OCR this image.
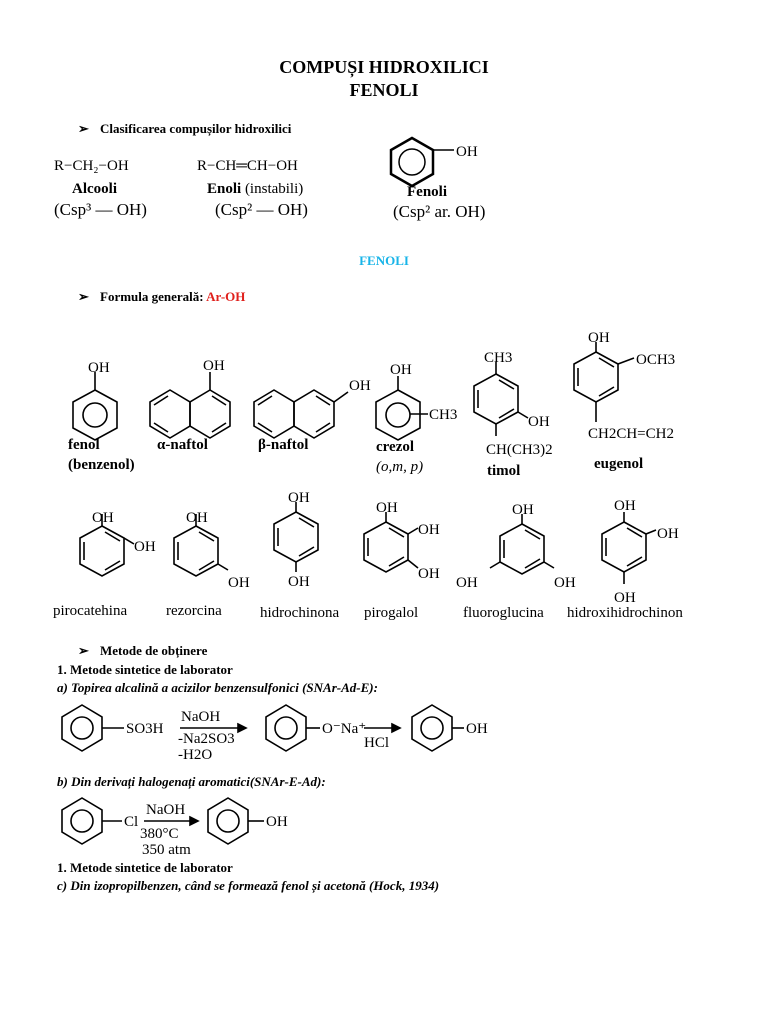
COMPUȘI HIDROXILICI
FENOLI
➢ Clasificarea compușilor hidroxilici
R−CH₂−OH
Alcooli
(Csp³ — OH)
R−CH═CH−OH
Enoli (instabili)
(Csp² — OH)
OH
Fenoli
(Csp² ar. OH)
FENOLI
➢ Formula generală: Ar-OH
OH	OH
OH
OH
CH3
CH3
OH
CH(CH3)2
OH
OCH3
CH2CH=CH2
fenol
(benzenol)
α-naftol	β-naftol	crezol
(o,m, p)	timol	eugenol
OH
OH
OH
OH
OH
OH
OH
OH
OH
OH
OH
OH
OH
OH
OH
pirocatehina	rezorcina	hidrochinona pirogalol	fluoroglucina hidroxihidrochinon
➢ Metode de obținere
1. Metode sintetice de laborator
a) Topirea alcalină a acizilor benzensulfonici (SNAr-Ad-E):
SO3H
NaOH
-Na2SO3
-H2O
O⁻Na⁺
HCl
OH
b) Din derivați halogenați aromatici(SNAr-E-Ad):
Cl
NaOH
380°C
350 atm
OH
1. Metode sintetice de laborator
c) Din izopropilbenzen, când se formează fenol și acetonă (Hock, 1934)
